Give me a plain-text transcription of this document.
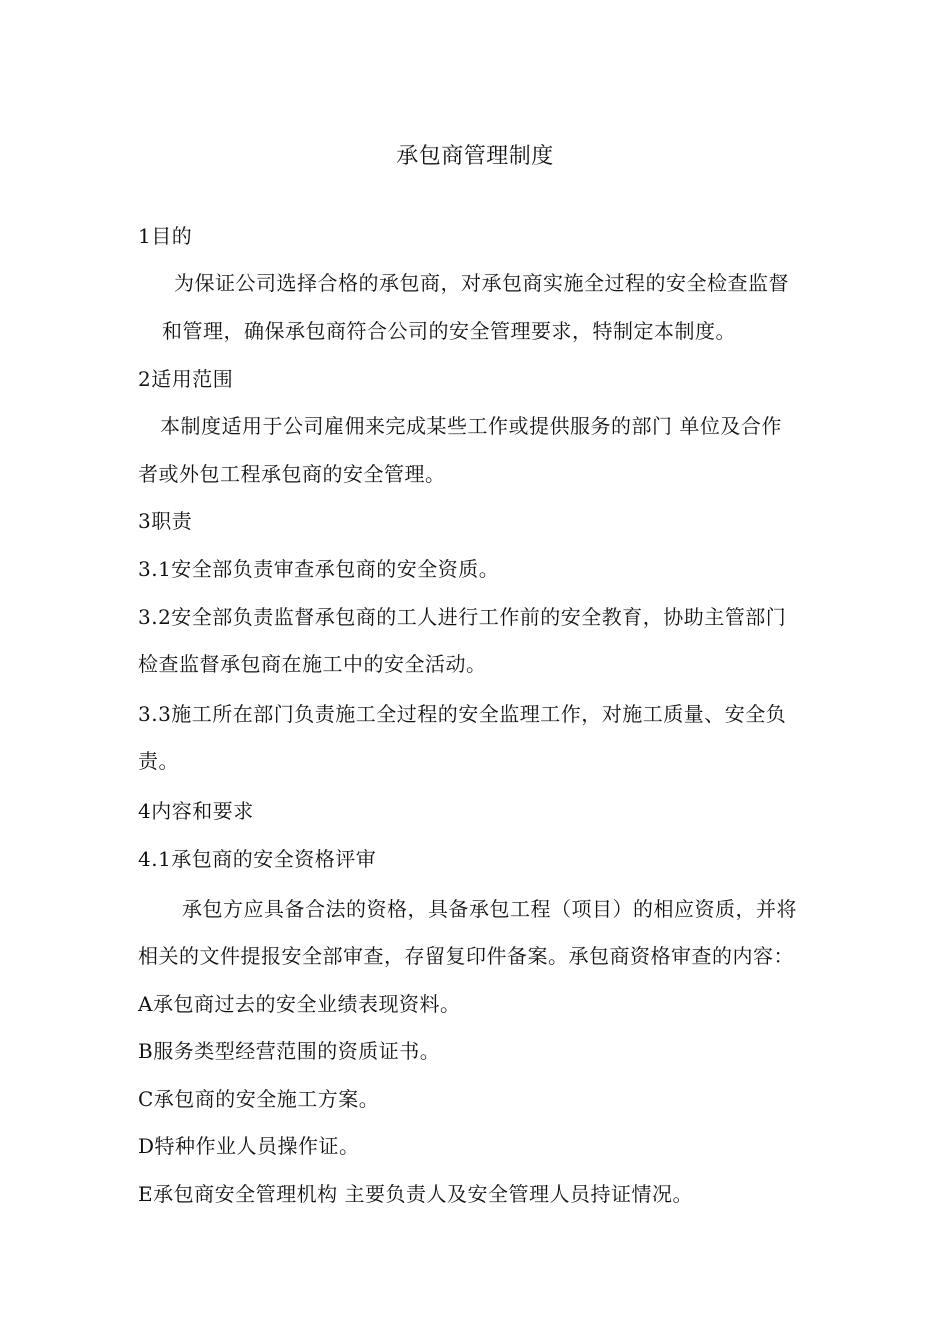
承包商管理制度
1目的
为保证公司选择合格的承包商，对承包商实施全过程的安全检查监督
和管理，确保承包商符合公司的安全管理要求，特制定本制度。
2适用范围
本制度适用于公司雇佣来完成某些工作或提供服务的部门 单位及合作
者或外包工程承包商的安全管理。
3职责
3.1安全部负责审查承包商的安全资质。
3.2安全部负责监督承包商的工人进行工作前的安全教育，协助主管部门
检查监督承包商在施工中的安全活动。
3.3施工所在部门负责施工全过程的安全监理工作，对施工质量、安全负
责。
4内容和要求
4.1承包商的安全资格评审
承包方应具备合法的资格，具备承包工程（项目）的相应资质，并将
相关的文件提报安全部审查，存留复印件备案。承包商资格审查的内容：
A承包商过去的安全业绩表现资料。
B服务类型经营范围的资质证书。
C承包商的安全施工方案。
D特种作业人员操作证。
E承包商安全管理机构 主要负责人及安全管理人员持证情况。
